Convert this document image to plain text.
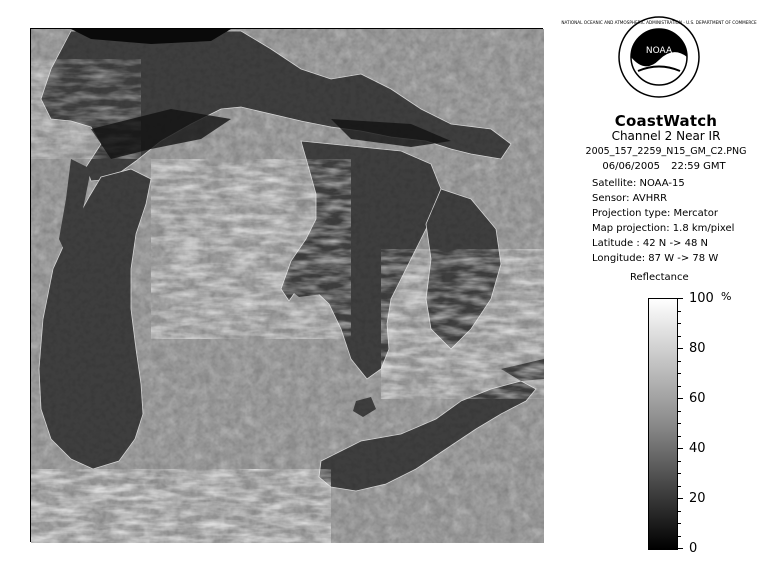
NATIONAL OCEANIC AND ATMOSPHERIC ADMINISTRATION · U.S. DEPARTMENT OF COMMERCE
NOAA
CoastWatch
Channel 2 Near IR
2005_157_2259_N15_GM_C2.PNG
06/06/2005 22:59 GMT
Satellite: NOAA-15
Sensor: AVHRR
Projection type: Mercator
Map projection: 1.8 km/pixel
Latitude : 42 N -> 48 N
Longitude: 87 W -> 78 W
Reflectance
%
100
80
60
40
20
0
